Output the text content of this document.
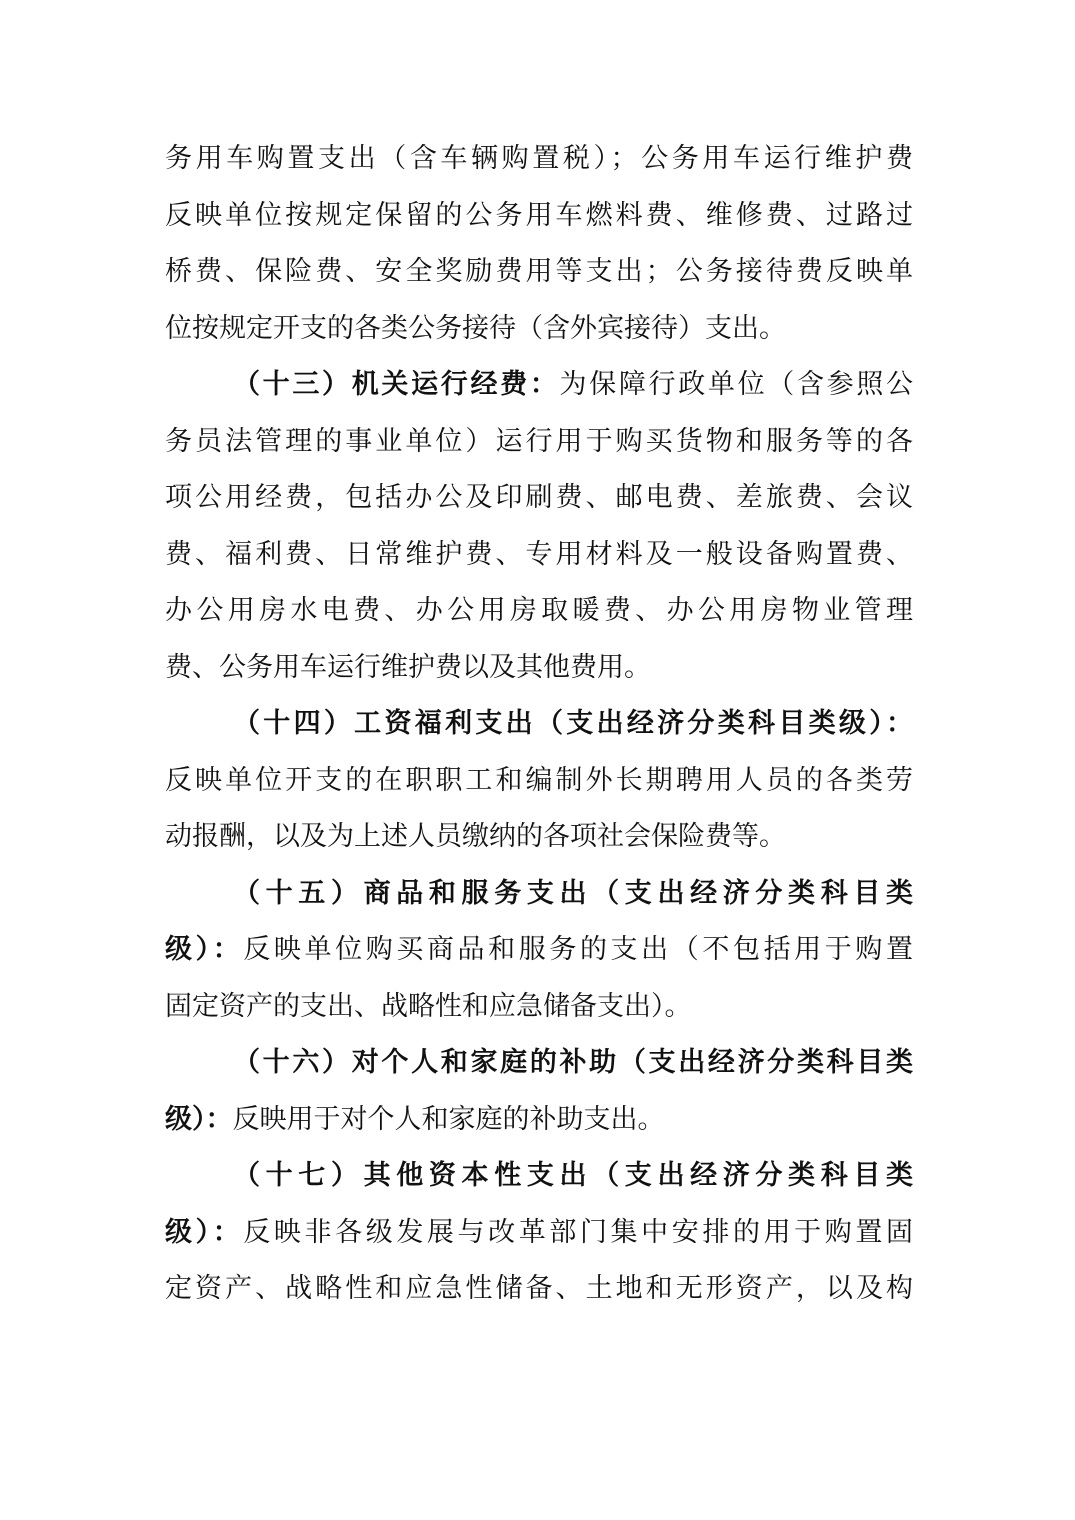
务用车购置支出（含车辆购置税）；公务用车运行维护费
反映单位按规定保留的公务用车燃料费、维修费、过路过
桥费、保险费、安全奖励费用等支出；公务接待费反映单
位按规定开支的各类公务接待（含外宾接待）支出。
（十三）机关运行经费：为保障行政单位（含参照公
务员法管理的事业单位）运行用于购买货物和服务等的各
项公用经费，包括办公及印刷费、邮电费、差旅费、会议
费、福利费、日常维护费、专用材料及一般设备购置费、
办公用房水电费、办公用房取暖费、办公用房物业管理
费、公务用车运行维护费以及其他费用。
（十四）工资福利支出（支出经济分类科目类级）：
反映单位开支的在职职工和编制外长期聘用人员的各类劳
动报酬，以及为上述人员缴纳的各项社会保险费等。
（十五）商品和服务支出（支出经济分类科目类
级）：反映单位购买商品和服务的支出（不包括用于购置
固定资产的支出、战略性和应急储备支出）。
（十六）对个人和家庭的补助（支出经济分类科目类
级）：反映用于对个人和家庭的补助支出。
（十七）其他资本性支出（支出经济分类科目类
级）：反映非各级发展与改革部门集中安排的用于购置固
定资产、战略性和应急性储备、土地和无形资产，以及构
